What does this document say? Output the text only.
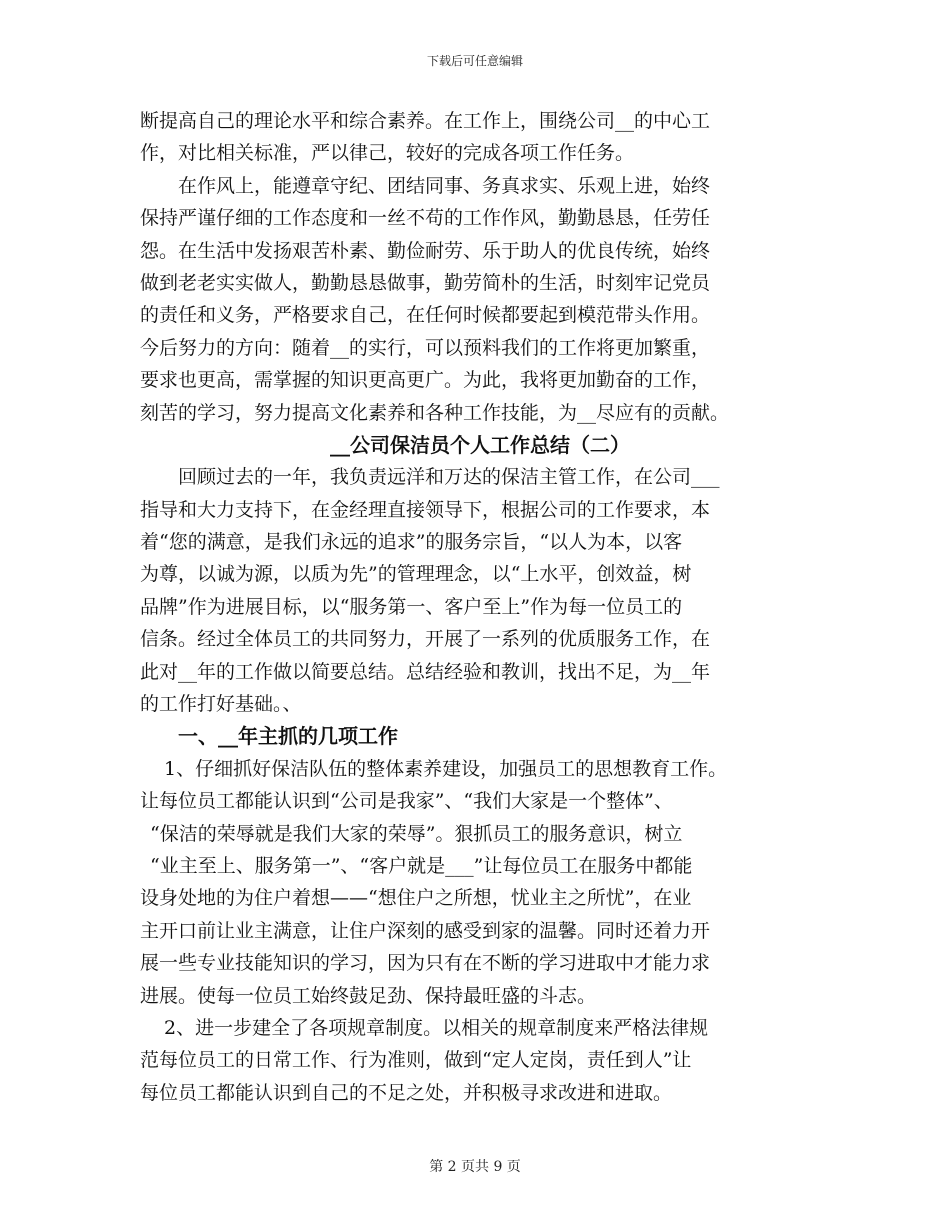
下载后可任意编辑
断提高自己的理论水平和综合素养。在工作上，围绕公司__的中心工
作，对比相关标准，严以律己，较好的完成各项工作任务。
在作风上，能遵章守纪、团结同事、务真求实、乐观上进，始终
保持严谨仔细的工作态度和一丝不苟的工作作风，勤勤恳恳，任劳任
怨。在生活中发扬艰苦朴素、勤俭耐劳、乐于助人的优良传统，始终
做到老老实实做人，勤勤恳恳做事，勤劳简朴的生活，时刻牢记党员
的责任和义务，严格要求自己，在任何时候都要起到模范带头作用。
今后努力的方向：随着__的实行，可以预料我们的工作将更加繁重，
要求也更高，需掌握的知识更高更广。为此，我将更加勤奋的工作，
刻苦的学习，努力提高文化素养和各种工作技能，为__尽应有的贡献。
__公司保洁员个人工作总结（二）
回顾过去的一年，我负责远洋和万达的保洁主管工作，在公司___
指导和大力支持下，在金经理直接领导下，根据公司的工作要求，本
着“您的满意，是我们永远的追求”的服务宗旨，“以人为本，以客
为尊，以诚为源，以质为先”的管理理念，以“上水平，创效益，树
品牌”作为进展目标，以“服务第一、客户至上”作为每一位员工的
信条。经过全体员工的共同努力，开展了一系列的优质服务工作，在
此对__年的工作做以简要总结。总结经验和教训，找出不足，为__年
的工作打好基础。、
一、__年主抓的几项工作
1、仔细抓好保洁队伍的整体素养建设，加强员工的思想教育工作。
让每位员工都能认识到“公司是我家”、“我们大家是一个整体”、
“保洁的荣辱就是我们大家的荣辱”。狠抓员工的服务意识，树立
“业主至上、服务第一”、“客户就是___”让每位员工在服务中都能
设身处地的为住户着想——“想住户之所想，忧业主之所忧”，在业
主开口前让业主满意，让住户深刻的感受到家的温馨。同时还着力开
展一些专业技能知识的学习，因为只有在不断的学习进取中才能力求
进展。使每一位员工始终鼓足劲、保持最旺盛的斗志。
2、进一步建全了各项规章制度。以相关的规章制度来严格法律规
范每位员工的日常工作、行为准则，做到“定人定岗，责任到人”让
每位员工都能认识到自己的不足之处，并积极寻求改进和进取。
第 2 页共 9 页
